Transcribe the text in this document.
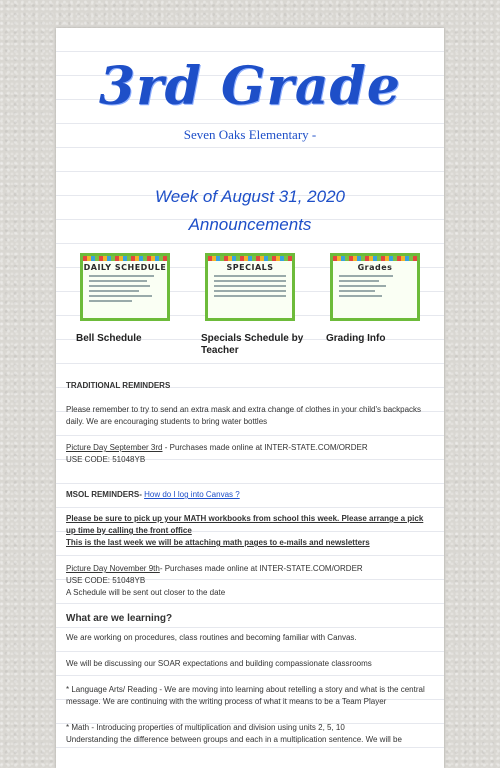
3rd Grade
Seven Oaks Elementary -
Week of August 31, 2020
Announcements
DAILY SCHEDULE
Bell Schedule
SPECIALS
Specials Schedule by Teacher
Grades
Grading Info
TRADITIONAL REMINDERS
Please remember to try to send an extra mask and extra change of clothes in your child's backpacks daily. We are encouraging students to bring water bottles
Picture Day September 3rd - Purchases made online at INTER-STATE.COM/ORDER
USE CODE: 51048YB
MSOL REMINDERS- How do I log into Canvas ?
Please be sure to pick up your MATH workbooks from school this week. Please arrange a pick up time by calling the front office
This is the last week we will be attaching math pages to e-mails and newsletters
Picture Day November 9th- Purchases made online at INTER-STATE.COM/ORDER
USE CODE: 51048YB
A Schedule will be sent out closer to the date
What are we learning?
We are working on procedures, class routines and becoming familiar with Canvas.
We will be discussing our SOAR expectations and building compassionate classrooms
* Language Arts/ Reading - We are moving into learning about retelling a story and what is the central message. We are continuing with the writing process of what it means to be a Team Player
* Math - Introducing properties of multiplication and division using units 2, 5, 10
Understanding the difference between groups and each in a multiplication sentence. We will be
